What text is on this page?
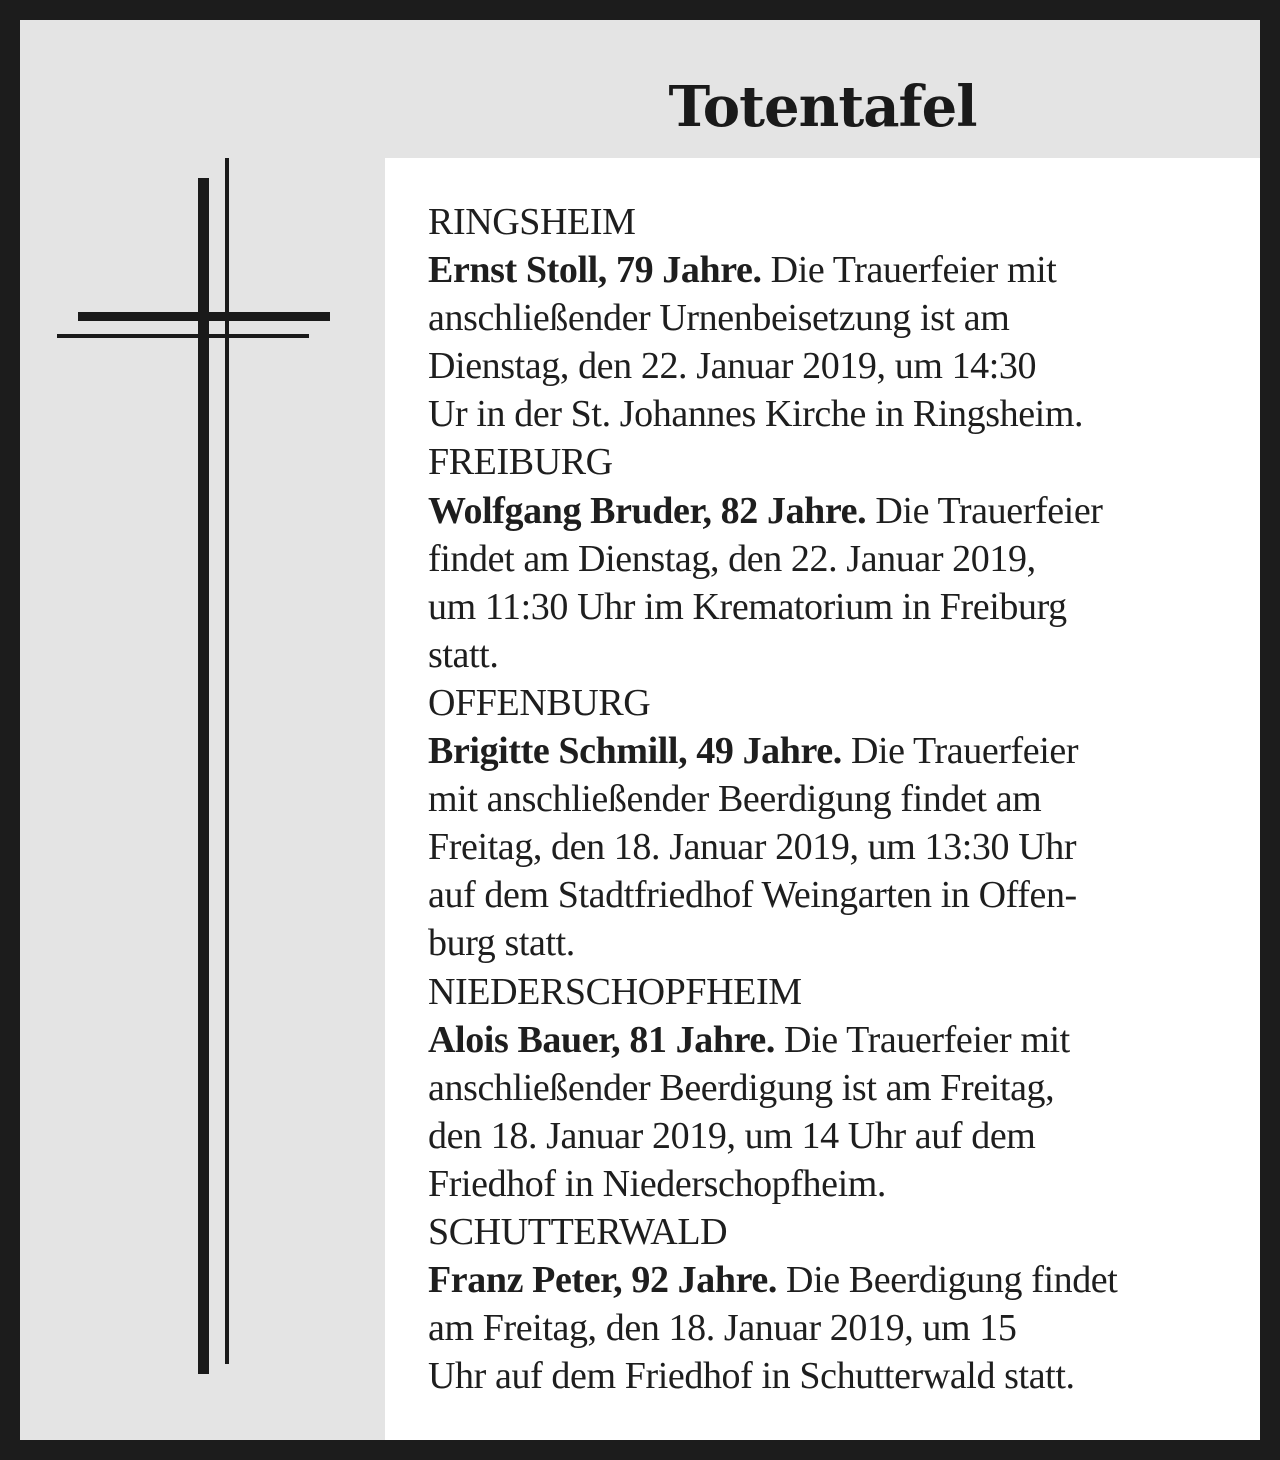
Totentafel
RINGSHEIM
Ernst Stoll, 79 Jahre. Die Trauerfeier mit
anschließender Urnenbeisetzung ist am
Dienstag, den 22. Januar 2019, um 14:30
Ur in der St. Johannes Kirche in Ringsheim.
FREIBURG
Wolfgang Bruder, 82 Jahre. Die Trauerfeier
findet am Dienstag, den 22. Januar 2019,
um 11:30 Uhr im Krematorium in Freiburg
statt.
OFFENBURG
Brigitte Schmill, 49 Jahre. Die Trauerfeier
mit anschließender Beerdigung findet am
Freitag, den 18. Januar 2019, um 13:30 Uhr
auf dem Stadtfriedhof Weingarten in Offen-
burg statt.
NIEDERSCHOPFHEIM
Alois Bauer, 81 Jahre. Die Trauerfeier mit
anschließender Beerdigung ist am Freitag,
den 18. Januar 2019, um 14 Uhr auf dem
Friedhof in Niederschopfheim.
SCHUTTERWALD
Franz Peter, 92 Jahre. Die Beerdigung findet
am Freitag, den 18. Januar 2019, um 15
Uhr auf dem Friedhof in Schutterwald statt.
